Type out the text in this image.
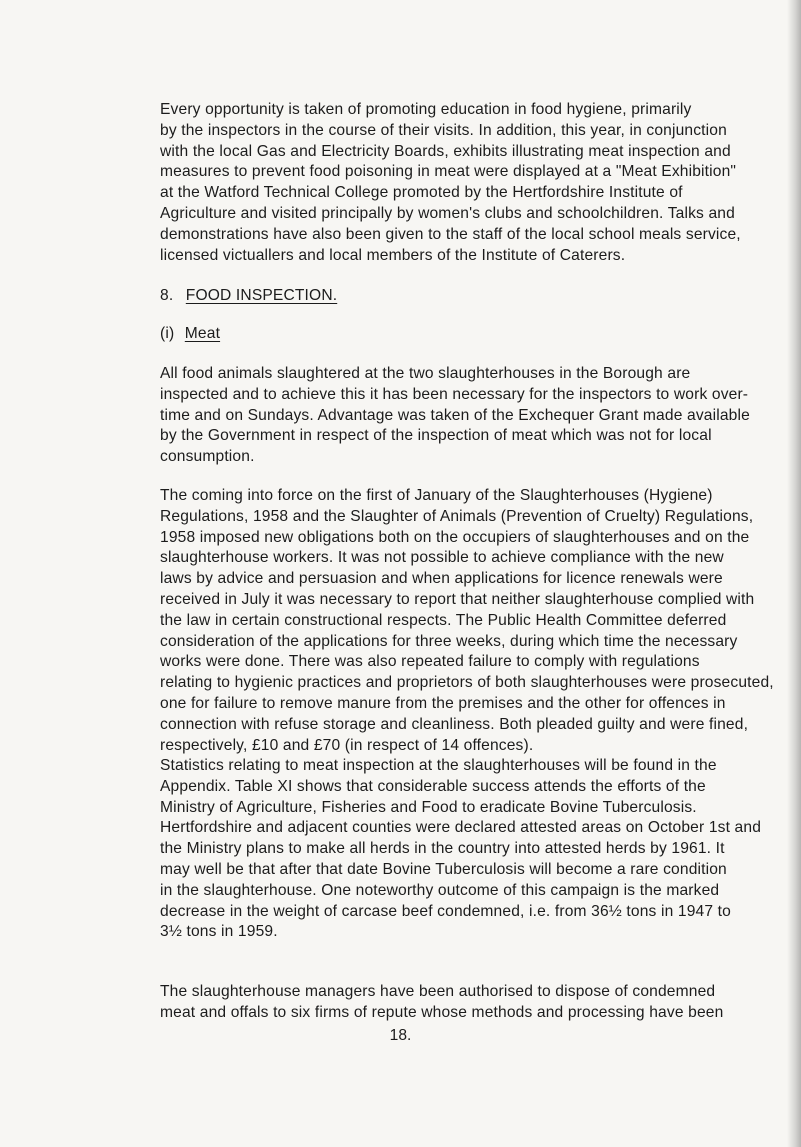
Every opportunity is taken of promoting education in food hygiene, primarily
by the inspectors in the course of their visits. In addition, this year, in conjunction
with the local Gas and Electricity Boards, exhibits illustrating meat inspection and
measures to prevent food poisoning in meat were displayed at a "Meat Exhibition"
at the Watford Technical College promoted by the Hertfordshire Institute of
Agriculture and visited principally by women's clubs and schoolchildren. Talks and
demonstrations have also been given to the staff of the local school meals service,
licensed victuallers and local members of the Institute of Caterers.
8. FOOD INSPECTION.
(i) Meat
All food animals slaughtered at the two slaughterhouses in the Borough are
inspected and to achieve this it has been necessary for the inspectors to work over-
time and on Sundays. Advantage was taken of the Exchequer Grant made available
by the Government in respect of the inspection of meat which was not for local
consumption.
The coming into force on the first of January of the Slaughterhouses (Hygiene)
Regulations, 1958 and the Slaughter of Animals (Prevention of Cruelty) Regulations,
1958 imposed new obligations both on the occupiers of slaughterhouses and on the
slaughterhouse workers. It was not possible to achieve compliance with the new
laws by advice and persuasion and when applications for licence renewals were
received in July it was necessary to report that neither slaughterhouse complied with
the law in certain constructional respects. The Public Health Committee deferred
consideration of the applications for three weeks, during which time the necessary
works were done. There was also repeated failure to comply with regulations
relating to hygienic practices and proprietors of both slaughterhouses were prosecuted,
one for failure to remove manure from the premises and the other for offences in
connection with refuse storage and cleanliness. Both pleaded guilty and were fined,
respectively, £10 and £70 (in respect of 14 offences).
Statistics relating to meat inspection at the slaughterhouses will be found in the
Appendix. Table XI shows that considerable success attends the efforts of the
Ministry of Agriculture, Fisheries and Food to eradicate Bovine Tuberculosis.
Hertfordshire and adjacent counties were declared attested areas on October 1st and
the Ministry plans to make all herds in the country into attested herds by 1961. It
may well be that after that date Bovine Tuberculosis will become a rare condition
in the slaughterhouse. One noteworthy outcome of this campaign is the marked
decrease in the weight of carcase beef condemned, i.e. from 36½ tons in 1947 to
3½ tons in 1959.
The slaughterhouse managers have been authorised to dispose of condemned
meat and offals to six firms of repute whose methods and processing have been
18.
